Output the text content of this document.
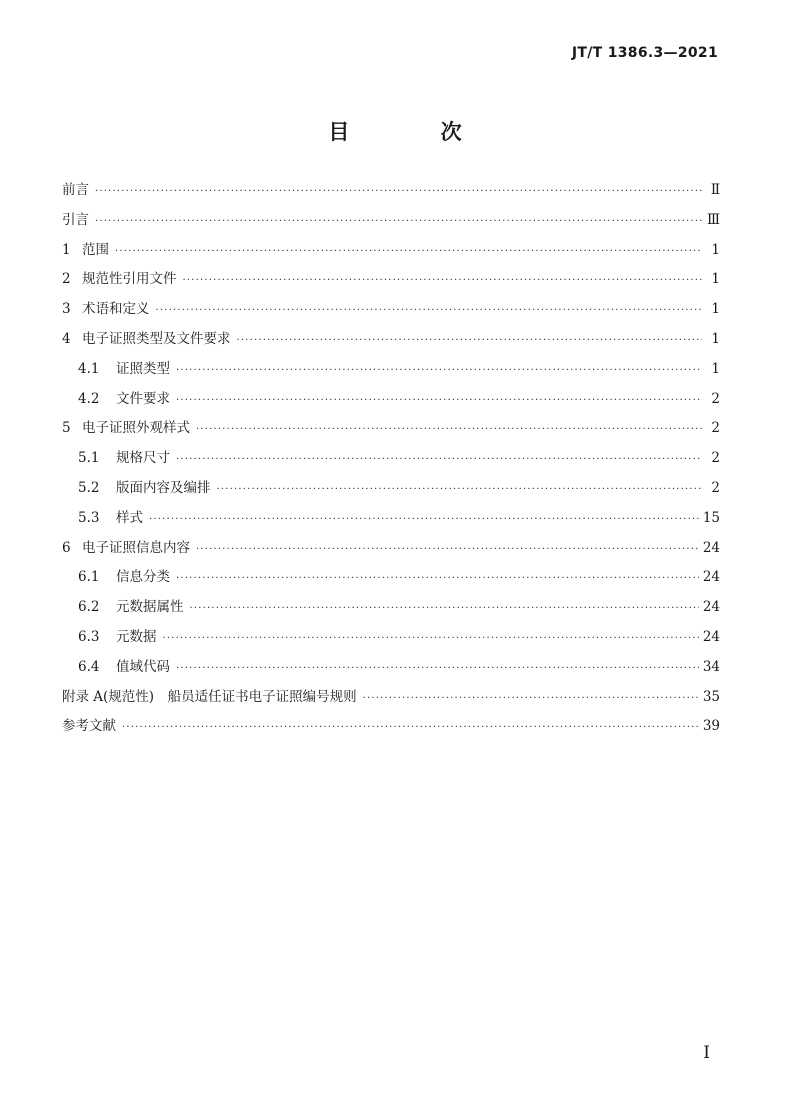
JT/T 1386.3—2021
目 次
前言 ·····	Ⅱ
引言 ·····	Ⅲ
1 范围 ·····	1
2 规范性引用文件 ·····	1
3 术语和定义 ·····	1
4 电子证照类型及文件要求 ·····	1
4.1	证照类型 ·····	1
4.2	文件要求 ·····	2
5 电子证照外观样式 ·····	2
5.1	规格尺寸 ·····	2
5.2	版面内容及编排 ·····	2
5.3	样式 ·····	15
6 电子证照信息内容 ·····	24
6.1	信息分类 ·····	24
6.2	元数据属性 ·····	24
6.3	元数据 ·····	24
6.4	值域代码 ·····	34
附录 A(规范性)　船员适任证书电子证照编号规则 ·····	35
参考文献 ·····	39
I
